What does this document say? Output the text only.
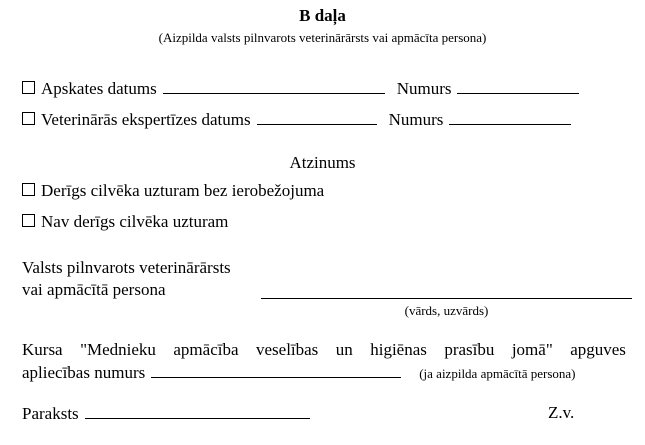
B daļa
(Aizpilda valsts pilnvarots veterinārārsts vai apmācīta persona)
Apskates datums	Numurs
Veterinārās ekspertīzes datums	Numurs
Atzinums
Derīgs cilvēka uzturam bez ierobežojuma
Nav derīgs cilvēka uzturam
Valsts pilnvarots veterinārārsts
vai apmācītā persona
(vārds, uzvārds)
Kursa "Mednieku apmācība veselības un higiēnas prasību jomā" apguves
apliecības numurs	(ja aizpilda apmācītā persona)
Paraksts	Z.v.
